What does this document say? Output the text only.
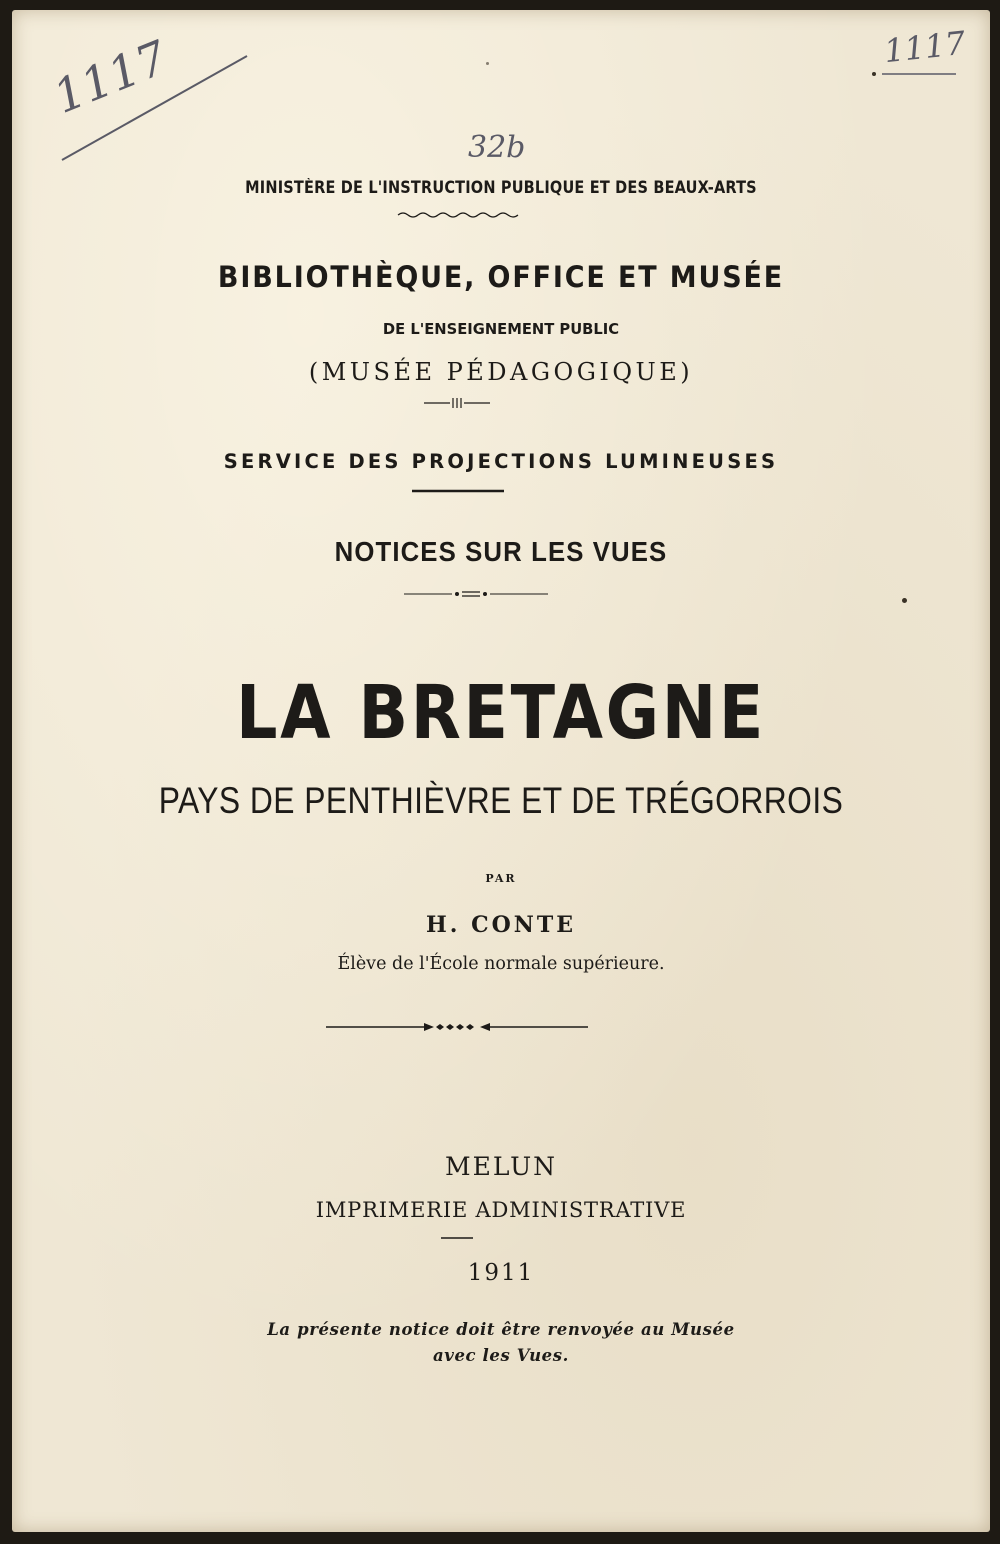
1117	1117
32b
MINISTÈRE DE L'INSTRUCTION PUBLIQUE ET DES BEAUX-ARTS
BIBLIOTHÈQUE, OFFICE ET MUSÉE
DE L'ENSEIGNEMENT PUBLIC
(MUSÉE PÉDAGOGIQUE)
SERVICE DES PROJECTIONS LUMINEUSES
NOTICES SUR LES VUES
LA BRETAGNE
PAYS DE PENTHIÈVRE ET DE TRÉGORROIS
PAR
H. CONTE
Élève de l'École normale supérieure.
MELUN
IMPRIMERIE ADMINISTRATIVE
1911
La présente notice doit être renvoyée au Musée
avec les Vues.
